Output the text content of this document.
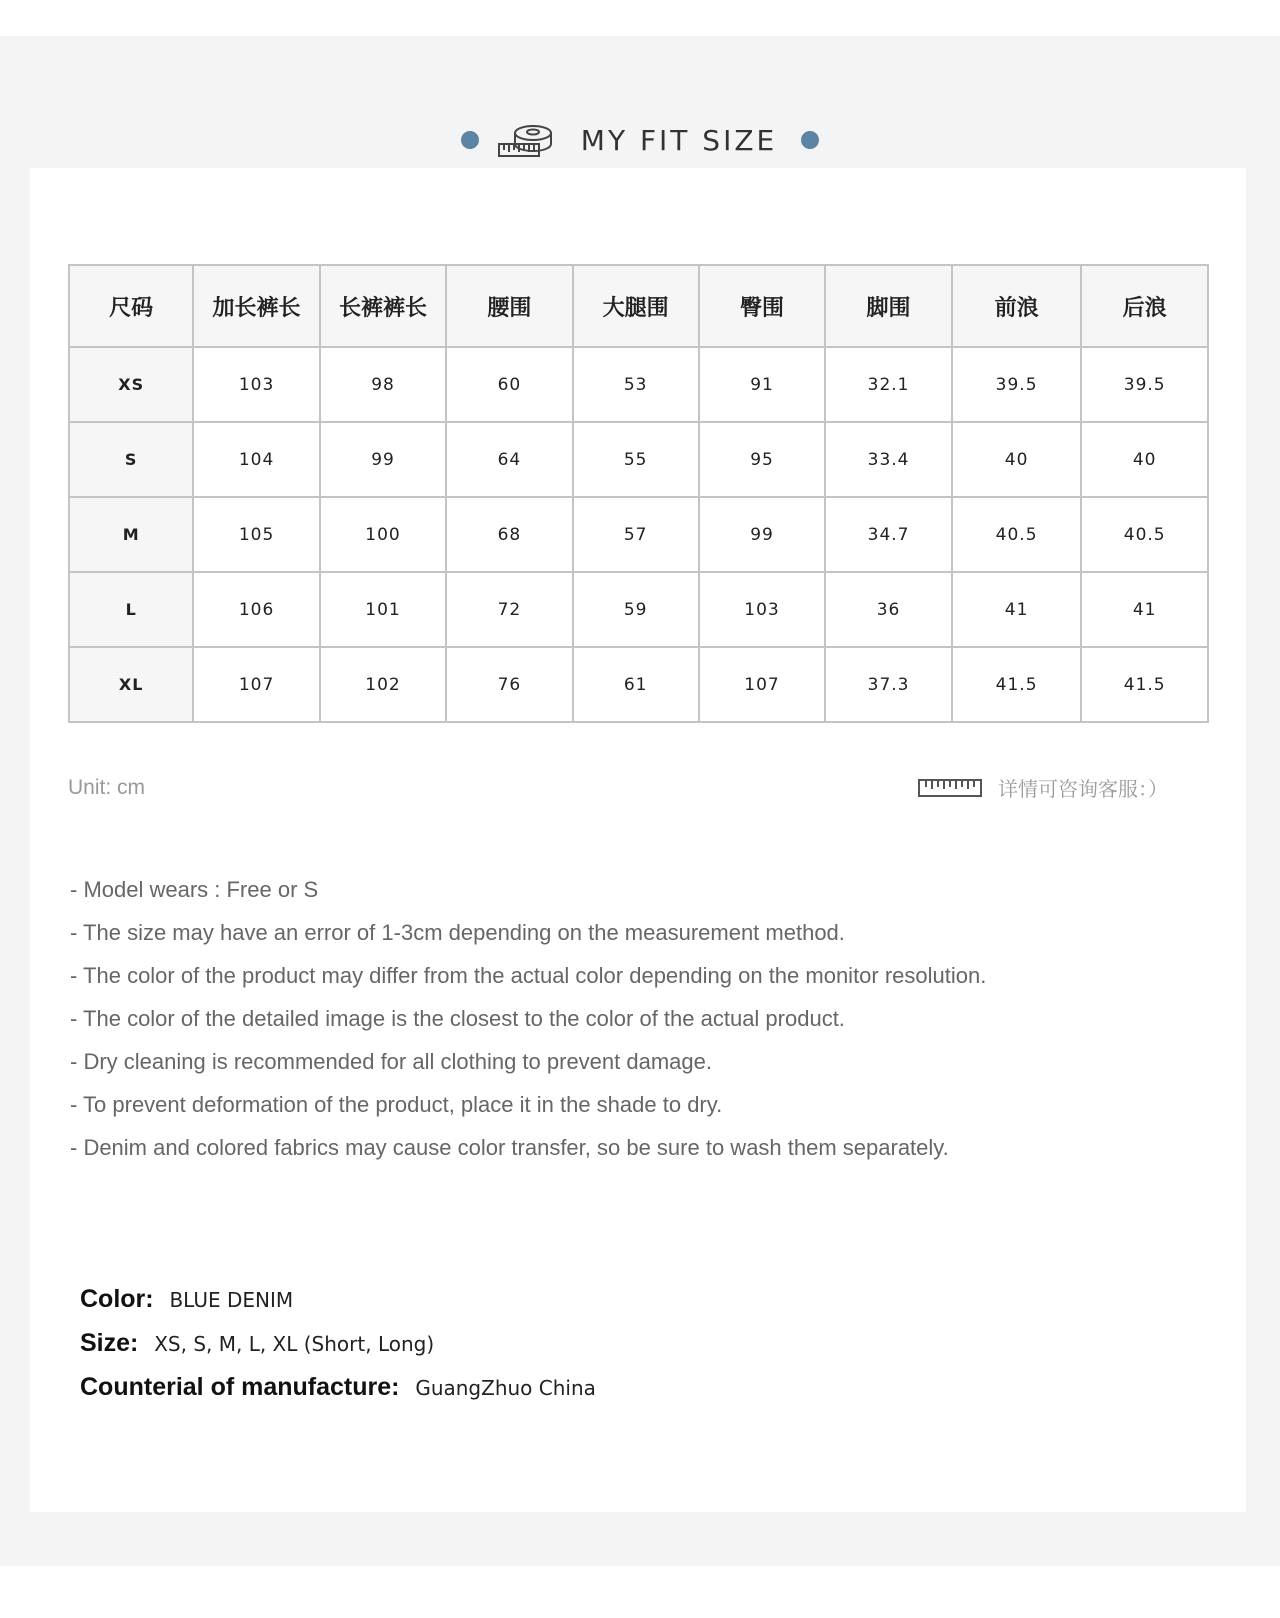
MY FIT SIZE
尺码	加长裤长	长裤裤长	腰围	大腿围	臀围	脚围	前浪	后浪
XS	103	98	60	53	91	32.1	39.5	39.5
S	104	99	64	55	95	33.4	40	40
M	105	100	68	57	99	34.7	40.5	40.5
L	106	101	72	59	103	36	41	41
XL	107	102	76	61	107	37.3	41.5	41.5
Unit: cm	详情可咨询客服：）
- Model wears : Free or S
- The size may have an error of 1-3cm depending on the measurement method.
- The color of the product may differ from the actual color depending on the monitor resolution.
- The color of the detailed image is the closest to the color of the actual product.
- Dry cleaning is recommended for all clothing to prevent damage.
- To prevent deformation of the product, place it in the shade to dry.
- Denim and colored fabrics may cause color transfer, so be sure to wash them separately.
Color: BLUE DENIM
Size: XS, S, M, L, XL (Short, Long)
Counterial of manufacture: GuangZhuo China
